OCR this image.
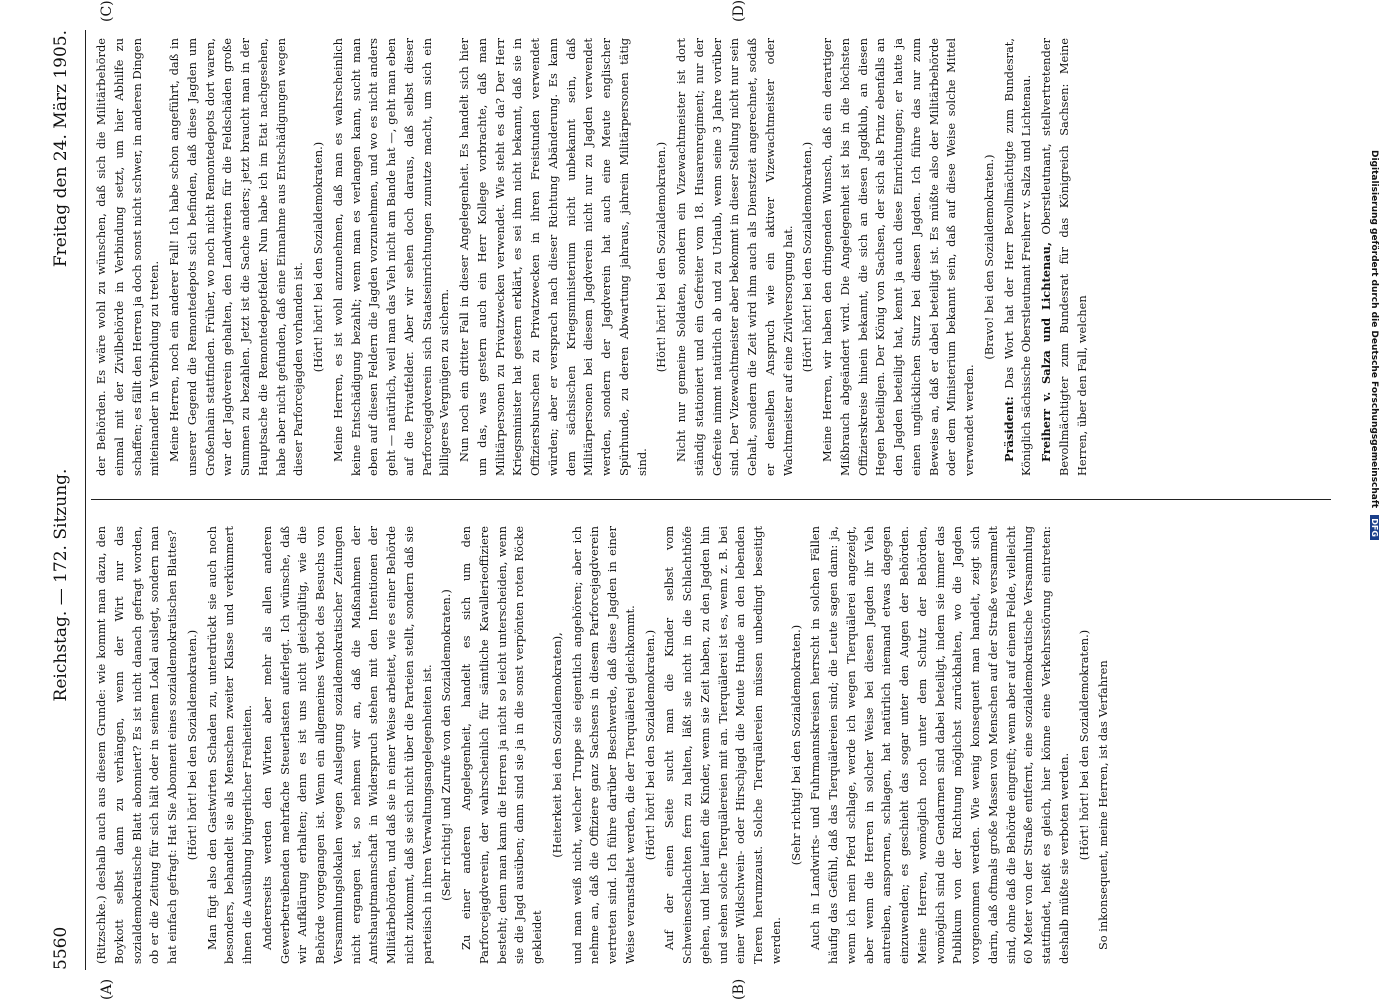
5560
Reichstag. — 172. Sitzung.
Freitag den 24. März 1905.
(A)	(B)
(C)	(D)

(Ritzschke.) deshalb auch aus diesem Grunde: wie kommt man dazu, den Boykott selbst dann zu verhängen, wenn der Wirt nur das sozialdemokratische Blatt abonniert? Es ist nicht danach gefragt worden, ob er die Zeitung für sich hält oder in seinem Lokal auslegt, sondern man hat einfach gefragt: Hat Sie Abonnent eines sozialdemokratischen Blattes? (Hört! hört! bei den Sozialdemokraten.) Man fügt also den Gastwirten Schaden zu, unterdrückt sie auch noch besonders, behandelt sie als Menschen zweiter Klasse und verkümmert ihnen die Ausübung bürgerlicher Freiheiten. Andererseits werden den Wirten aber mehr als allen anderen Gewerbetreibenden mehrfache Steuerlasten auferlegt. Ich wünsche, daß wir Aufklärung erhalten; denn es ist uns nicht gleichgültig, wie die Behörde vorgegangen ist. Wenn ein allgemeines Verbot des Besuchs von Versammlungslokalen wegen Auslegung sozialdemokratischer Zeitungen nicht ergangen ist, so nehmen wir an, daß die Maßnahmen der Amtshauptmannschaft in Widerspruch stehen mit den Intentionen der Militärbehörden, und daß sie in einer Weise arbeitet, wie es einer Behörde nicht zukommt, daß sie sich nicht über die Parteien stellt, sondern daß sie parteiisch in ihren Verwaltungsangelegenheiten ist. (Sehr richtig! und Zurufe von den Sozialdemokraten.) Zu einer anderen Angelegenheit, handelt es sich um den Parforcejagdverein, der wahrscheinlich für sämtliche Kavallerieoffiziere besteht; denn man kann die Herren ja nicht so leicht unterscheiden, wenn sie die Jagd ausüben; dann sind sie ja in die sonst verpönten roten Röcke gekleidet

(Heiterkeit bei den Sozialdemokraten), und man weiß nicht, welcher Truppe sie eigentlich angehören; aber ich nehme an, daß die Offiziere ganz Sachsens in diesem Parforcejagdverein vertreten sind. Ich führe darüber Beschwerde, daß diese Jagden in einer Weise veranstaltet werden, die der Tierquälerei gleichkommt. (Hört! hört! bei den Sozialdemokraten.) Auf der einen Seite sucht man die Kinder selbst vom Schweineschlachten fern zu halten, läßt sie nicht in die Schlachthöfe gehen, und hier laufen die Kinder, wenn sie Zeit haben, zu den Jagden hin und sehen solche Tierquälereien mit an. Tierquälerei ist es, wenn z. B. bei einer Wildschwein- oder Hirschjagd die Meute Hunde an den lebenden Tieren herumzaust. Solche Tierquälereien müssen unbedingt beseitigt werden.

(Sehr richtig! bei den Sozialdemokraten.) Auch in Landwirts- und Fuhrmannskreisen herrscht in solchen Fällen häufig das Gefühl, daß das Tierquälereien sind; die Leute sagen dann: ja, wenn ich mein Pferd schlage, werde ich wegen Tierquälerei angezeigt, aber wenn die Herren in solcher Weise bei diesen Jagden ihr Vieh antreiben, anspornen, schlagen, hat natürlich niemand etwas dagegen einzuwenden; es geschieht das sogar unter den Augen der Behörden. Meine Herren, womöglich noch unter dem Schutz der Behörden, womöglich sind die Gendarmen sind dabei beteiligt, indem sie immer das Publikum von der Richtung möglichst zurückhalten, wo die Jagden vorgenommen werden. Wie wenig konsequent man handelt, zeigt sich darin, daß oftmals große Massen von Menschen auf der Straße versammelt sind, ohne daß die Behörde eingreift; wenn aber auf einem Felde, vielleicht 60 Meter von der Straße entfernt, eine sozialdemokratische Versammlung stattfindet, heißt es gleich, hier könne eine Verkehrsstörung eintreten: deshalb müßte sie verboten werden. (Hört! hört! bei den Sozialdemokraten.) So inkonsequent, meine Herren, ist das Verfahren

der Behörden. Es wäre wohl zu wünschen, daß sich die Militärbehörde einmal mit der Zivilbehörde in Verbindung setzt, um hier Abhilfe zu schaffen; es fällt den Herren ja doch sonst nicht schwer, in anderen Dingen miteinander in Verbindung zu treten. Meine Herren, noch ein anderer Fall! Ich habe schon angeführt, daß in unserer Gegend die Remontedepots sich befinden, daß diese Jagden um Großenhain stattfinden. Früher, wo noch nicht Remontedepots dort waren, war der Jagdverein gehalten, den Landwirten für die Feldschäden große Summen zu bezahlen. Jetzt ist die Sache anders; jetzt braucht man in der Hauptsache die Remontedepotfelder. Nun habe ich im Etat nachgesehen, habe aber nicht gefunden, daß eine Einnahme aus Entschädigungen wegen dieser Parforcejagden vorhanden ist. (Hört! hört! bei den Sozialdemokraten.) Meine Herren, es ist wohl anzunehmen, daß man es wahrscheinlich keine Entschädigung bezahlt; wenn man es verlangen kann, sucht man eben auf diesen Feldern die Jagden vorzunehmen, und wo es nicht anders geht — natürlich, weil man das Vieh nicht am Bande hat —, geht man eben auf die Privatfelder. Aber wir sehen doch daraus, daß selbst dieser Parforcejagdverein sich Staatseinrichtungen zunutze macht, um sich ein billigeres Vergnügen zu sichern. Nun noch ein dritter Fall in dieser Angelegenheit. Es handelt sich hier um das, was gestern auch ein Herr Kollege vorbrachte, daß man Militärpersonen zu Privatzwecken verwendet. Wie steht es da? Der Herr Kriegsminister hat gestern erklärt, es sei ihm nicht bekannt, daß sie in Offiziersburschen zu Privatzwecken in ihren Freistunden verwendet würden; aber er versprach nach dieser Richtung Abänderung. Es kann dem sächsischen Kriegsministerium nicht unbekannt sein, daß Militärpersonen bei diesem Jagdverein nicht nur zu Jagden verwendet werden, sondern der Jagdverein hat auch eine Meute englischer Spürhunde, zu deren Abwartung jahraus, jahrein Militärpersonen tätig sind.

(Hört! hört! bei den Sozialdemokraten.) Nicht nur gemeine Soldaten, sondern ein Vizewachtmeister ist dort ständig stationiert und ein Gefreiter vom 18. Husarenregiment; nur der Gefreite nimmt natürlich ab und zu Urlaub, wenn seine 3 Jahre vorüber sind. Der Vizewachtmeister aber bekommt in dieser Stellung nicht nur sein Gehalt, sondern die Zeit wird ihm auch als Dienstzeit angerechnet, sodaß er denselben Anspruch wie ein aktiver Vizewachtmeister oder Wachtmeister auf eine Zivilversorgung hat. (Hört! hört! bei den Sozialdemokraten.) Meine Herren, wir haben den dringenden Wunsch, daß ein derartiger Mißbrauch abgeändert wird. Die Angelegenheit ist bis in die höchsten Offizierskreise hinein bekannt, die sich an diesen Jagdklub, an diesen Hegen beteiligen. Der König von Sachsen, der sich als Prinz ebenfalls an den Jagden beteiligt hat, kennt ja auch diese Einrichtungen; er hatte ja einen unglücklichen Sturz bei diesen Jagden. Ich führe das nur zum Beweise an, daß er dabei beteiligt ist. Es müßte also der Militärbehörde oder dem Ministerium bekannt sein, daß auf diese Weise solche Mittel verwendet werden.

(Bravo! bei den Sozialdemokraten.)

Präsident: Das Wort hat der Herr Bevollmächtigte zum Bundesrat, Königlich sächsische Oberstleutnant Freiherr v. Salza und Lichtenau. Freiherr v. Salza und Lichtenau, Oberstleutnant, stellvertretender Bevollmächtigter zum Bundesrat für das Königreich Sachsen: Meine Herren, über den Fall, welchen	Digitalisierung gefördert durch die Deutsche Forschungsgemeinschaft DFG
